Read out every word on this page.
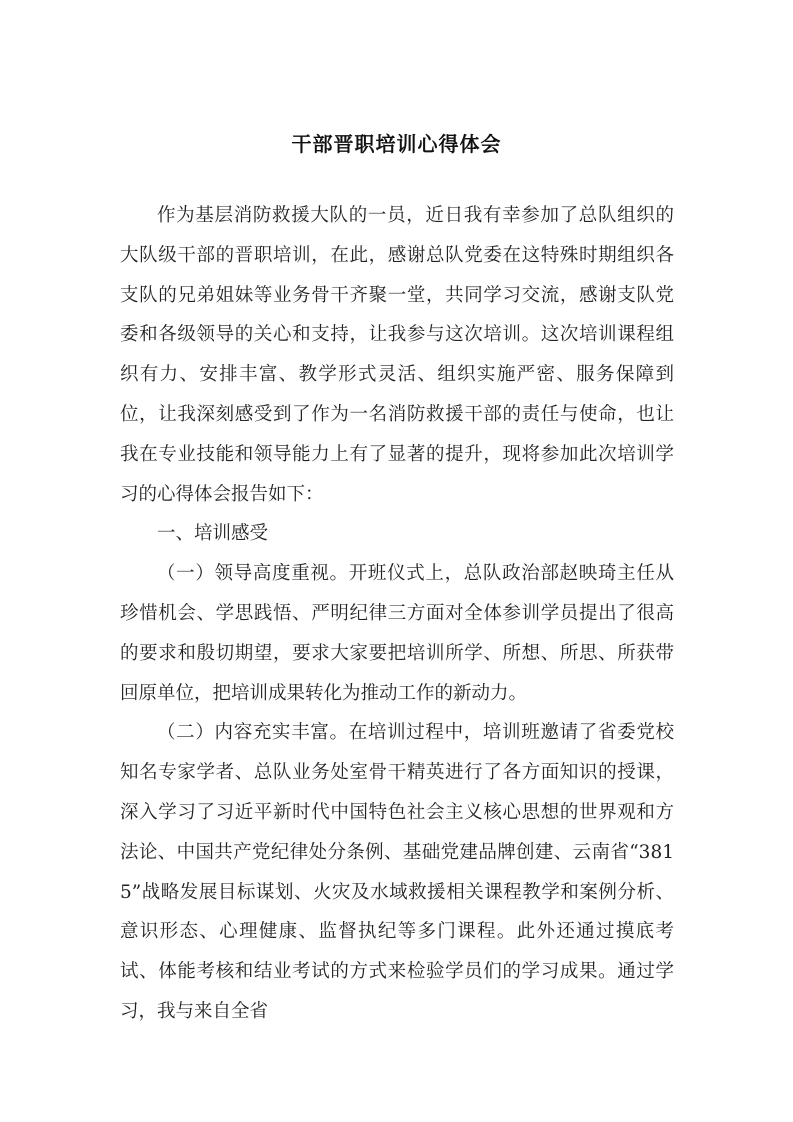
干部晋职培训心得体会

作为基层消防救援大队的一员，近日我有幸参加了总队组织的大队级干部的晋职培训，在此，感谢总队党委在这特殊时期组织各支队的兄弟姐妹等业务骨干齐聚一堂，共同学习交流，感谢支队党委和各级领导的关心和支持，让我参与这次培训。这次培训课程组织有力、安排丰富、教学形式灵活、组织实施严密、服务保障到位，让我深刻感受到了作为一名消防救援干部的责任与使命，也让我在专业技能和领导能力上有了显著的提升，现将参加此次培训学习的心得体会报告如下：

一、培训感受

（一）领导高度重视。开班仪式上，总队政治部赵映琦主任从珍惜机会、学思践悟、严明纪律三方面对全体参训学员提出了很高的要求和殷切期望，要求大家要把培训所学、所想、所思、所获带回原单位，把培训成果转化为推动工作的新动力。

（二）内容充实丰富。在培训过程中，培训班邀请了省委党校知名专家学者、总队业务处室骨干精英进行了各方面知识的授课，深入学习了习近平新时代中国特色社会主义核心思想的世界观和方法论、中国共产党纪律处分条例、基础党建品牌创建、云南省“3815”战略发展目标谋划、火灾及水域救援相关课程教学和案例分析、意识形态、心理健康、监督执纪等多门课程。此外还通过摸底考试、体能考核和结业考试的方式来检验学员们的学习成果。通过学习，我与来自全省
